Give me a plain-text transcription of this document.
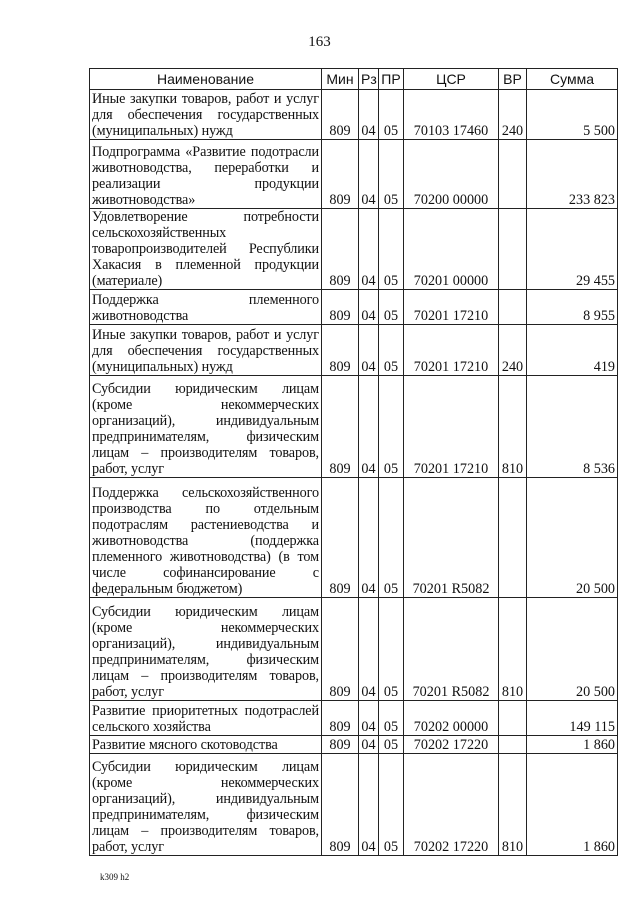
163
Наименование	Мин	Рз	ПР	ЦСР	ВР	Сумма
Иные закупки товаров, работ и услуг для обеспечения государственных (муниципальных) нужд	809	04	05	70103 17460	240	5 500
Подпрограмма «Развитие подотрасли животноводства, переработки и реализации продукции животноводства»	809	04	05	70200 00000		233 823
Удовлетворение потребности сельскохозяйственных товаропроизводителей Республики Хакасия в племенной продукции (материале)	809	04	05	70201 00000		29 455
Поддержка племенного животноводства	809	04	05	70201 17210		8 955
Иные закупки товаров, работ и услуг для обеспечения государственных (муниципальных) нужд	809	04	05	70201 17210	240	419
Субсидии юридическим лицам (кроме некоммерческих организаций), индивидуальным предпринимателям, физическим лицам – производителям товаров, работ, услуг	809	04	05	70201 17210	810	8 536
Поддержка сельскохозяйственного производства по отдельным подотраслям растениеводства и животноводства (поддержка племенного животноводства) (в том числе софинансирование с федеральным бюджетом)	809	04	05	70201 R5082		20 500
Субсидии юридическим лицам (кроме некоммерческих организаций), индивидуальным предпринимателям, физическим лицам – производителям товаров, работ, услуг	809	04	05	70201 R5082	810	20 500
Развитие приоритетных подотраслей сельского хозяйства	809	04	05	70202 00000		149 115
Развитие мясного скотоводства	809	04	05	70202 17220		1 860
Субсидии юридическим лицам (кроме некоммерческих организаций), индивидуальным предпринимателям, физическим лицам – производителям товаров, работ, услуг	809	04	05	70202 17220	810	1 860
k309 h2
